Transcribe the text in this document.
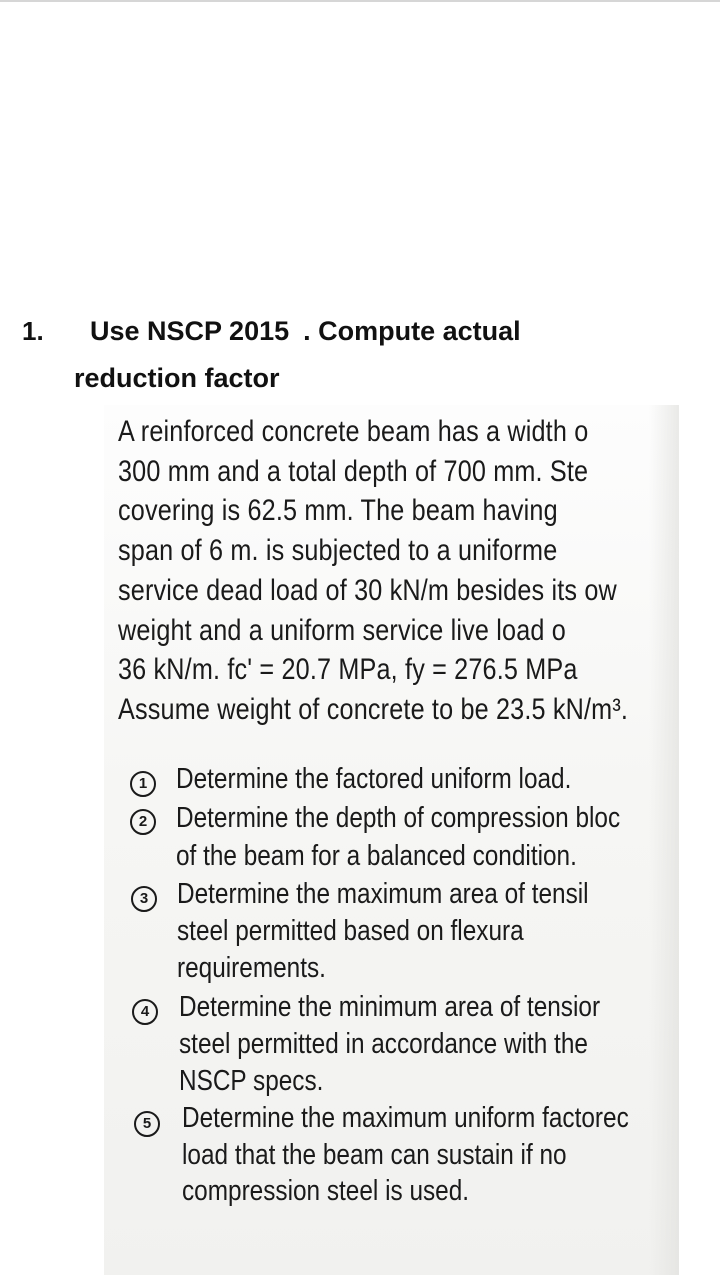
1. Use NSCP 2015 . Compute actual
reduction factor
A reinforced concrete beam has a width o
300 mm and a total depth of 700 mm. Ste
covering is 62.5 mm. The beam having
span of 6 m. is subjected to a uniforme
service dead load of 30 kN/m besides its ow
weight and a uniform service live load o
36 kN/m. fc' = 20.7 MPa, fy = 276.5 MPa
Assume weight of concrete to be 23.5 kN/m³.
1 Determine the factored uniform load.
2 Determine the depth of compression bloc
of the beam for a balanced condition.
3 Determine the maximum area of tensil
steel permitted based on flexura
requirements.
4	Determine the minimum area of tensior
steel permitted in accordance with the
NSCP specs.
5	Determine the maximum uniform factorec
load that the beam can sustain if no
compression steel is used.
